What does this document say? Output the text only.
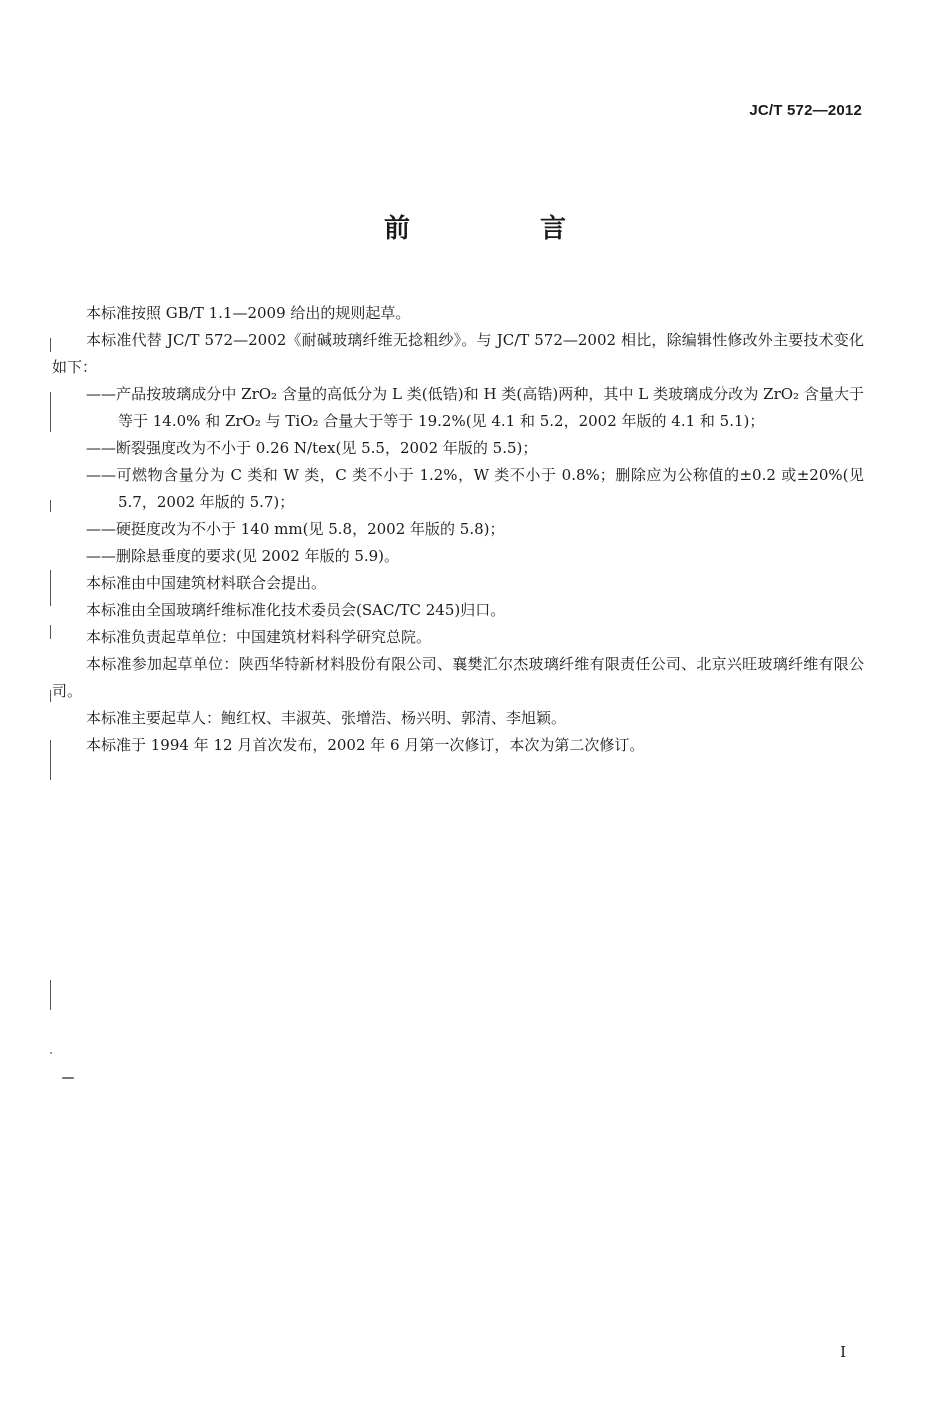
JC/T 572—2012
前　言

本标准按照 GB/T 1.1—2009 给出的规则起草。

本标准代替 JC/T 572—2002《耐碱玻璃纤维无捻粗纱》。与 JC/T 572—2002 相比，除编辑性修改外主要技术变化如下：

——产品按玻璃成分中 ZrO₂ 含量的高低分为 L 类(低锆)和 H 类(高锆)两种，其中 L 类玻璃成分改为 ZrO₂ 含量大于等于 14.0% 和 ZrO₂ 与 TiO₂ 合量大于等于 19.2%(见 4.1 和 5.2，2002 年版的 4.1 和 5.1)；

——断裂强度改为不小于 0.26 N/tex(见 5.5，2002 年版的 5.5)；

——可燃物含量分为 C 类和 W 类，C 类不小于 1.2%，W 类不小于 0.8%；删除应为公称值的±0.2 或±20%(见 5.7，2002 年版的 5.7)；

——硬挺度改为不小于 140 mm(见 5.8，2002 年版的 5.8)；

——删除悬垂度的要求(见 2002 年版的 5.9)。

本标准由中国建筑材料联合会提出。

本标准由全国玻璃纤维标准化技术委员会(SAC/TC 245)归口。

本标准负责起草单位：中国建筑材料科学研究总院。

本标准参加起草单位：陕西华特新材料股份有限公司、襄樊汇尔杰玻璃纤维有限责任公司、北京兴旺玻璃纤维有限公司。

本标准主要起草人：鲍红权、丰淑英、张增浩、杨兴明、郭清、李旭颖。

本标准于 1994 年 12 月首次发布，2002 年 6 月第一次修订，本次为第二次修订。

I
